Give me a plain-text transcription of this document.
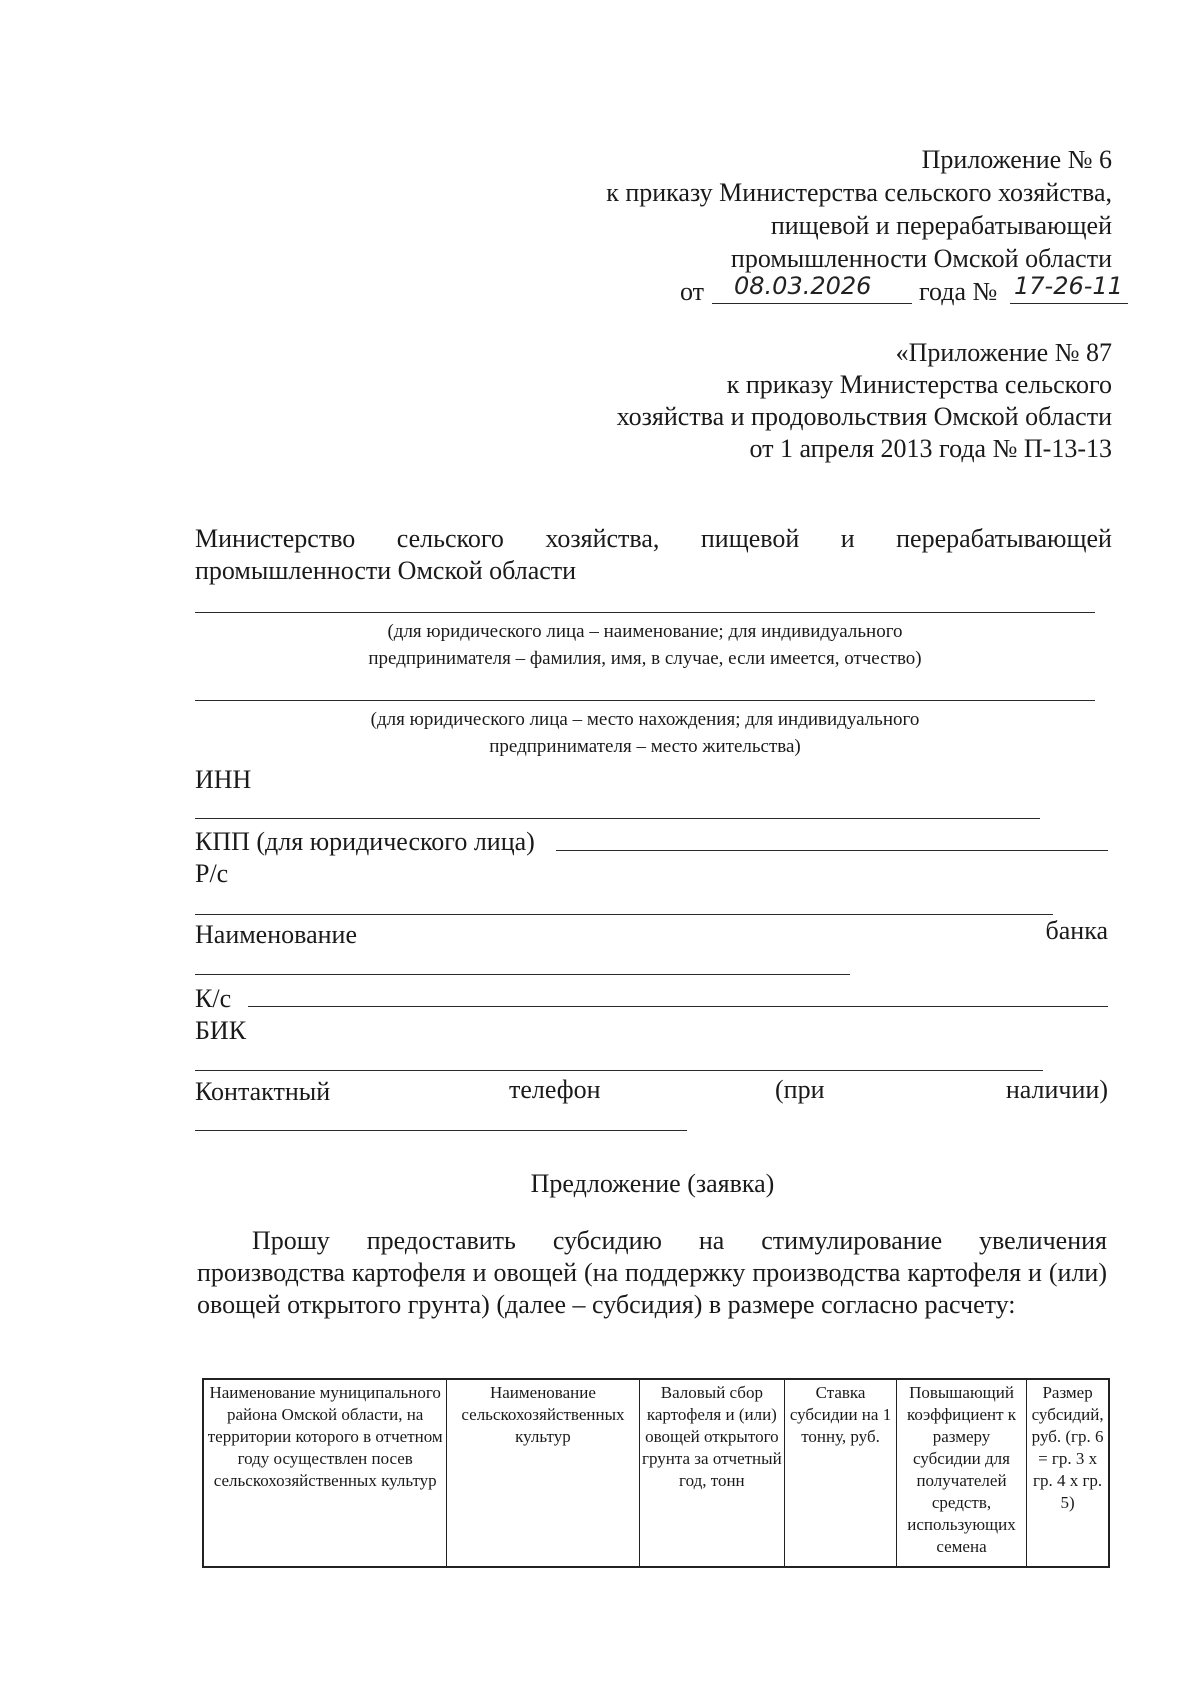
Приложение № 6
к приказу Министерства сельского хозяйства,
пищевой и перерабатывающей
промышленности Омской области
от 08.03.2026 года № 17-26-11
«Приложение № 87
к приказу Министерства сельского
хозяйства и продовольствия Омской области
от 1 апреля 2013 года № П-13-13
Министерство сельского хозяйства, пищевой и перерабатывающей
промышленности Омской области
(для юридического лица – наименование; для индивидуального
предпринимателя – фамилия, имя, в случае, если имеется, отчество)
(для юридического лица – место нахождения; для индивидуального
предпринимателя – место жительства)
ИНН
КПП (для юридического лица)
Р/с
Наименование	банка
К/с
БИК
Контактный	телефон	(при	наличии)
Предложение (заявка)
Прошу предоставить субсидию на стимулирование увеличения производства картофеля и овощей (на поддержку производства картофеля и (или) овощей открытого грунта) (далее – субсидия) в размере согласно расчету:
Наименование муниципального района Омской области, на территории которого в отчетном году осуществлен посев сельскохозяйственных культур	Наименование сельскохозяйственных культур	Валовый сбор картофеля и (или) овощей открытого грунта за отчетный год, тонн	Ставка субсидии на 1 тонну, руб.	Повышающий коэффициент к размеру субсидии для получателей средств, использующих семена	Размер субсидий, руб. (гр. 6 = гр. 3 х гр. 4 х гр. 5)
